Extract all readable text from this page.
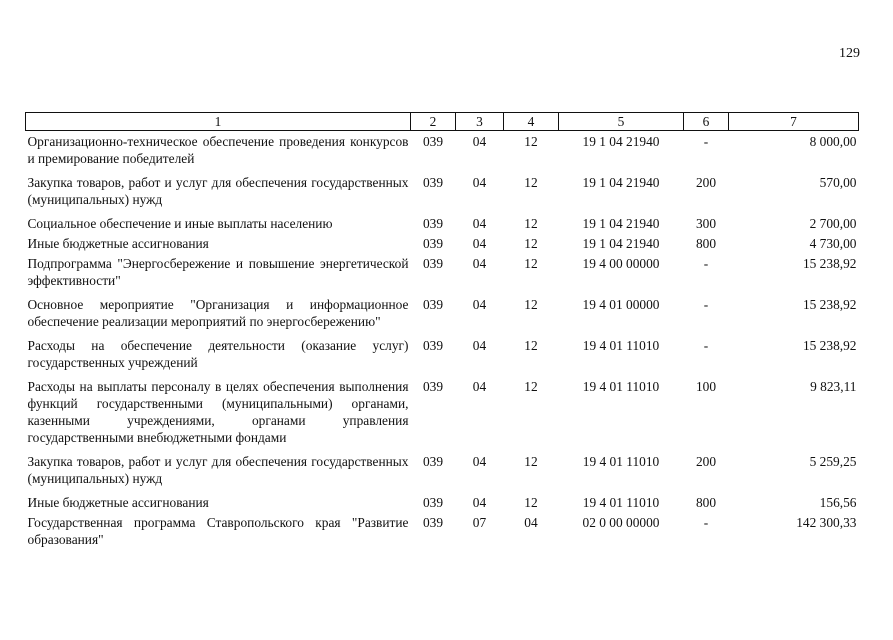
129
1	2	3	4	5	6	7
Организационно-техническое обеспечение проведения конкурсов и премирование победителей	039	04	12	19 1 04 21940	-	8 000,00
Закупка товаров, работ и услуг для обеспечения государственных (муниципальных) нужд	039	04	12	19 1 04 21940	200	570,00
Социальное обеспечение и иные выплаты населению	039	04	12	19 1 04 21940	300	2 700,00
Иные бюджетные ассигнования	039	04	12	19 1 04 21940	800	4 730,00
Подпрограмма "Энергосбережение и повышение энергетической эффективности"	039	04	12	19 4 00 00000	-	15 238,92
Основное мероприятие "Организация и информационное обеспечение реализации мероприятий по энергосбережению"	039	04	12	19 4 01 00000	-	15 238,92
Расходы на обеспечение деятельности (оказание услуг) государственных учреждений	039	04	12	19 4 01 11010	-	15 238,92
Расходы на выплаты персоналу в целях обеспечения выполнения функций государственными (муниципальными) органами, казенными учреждениями, органами управления государственными внебюджетными фондами	039	04	12	19 4 01 11010	100	9 823,11
Закупка товаров, работ и услуг для обеспечения государственных (муниципальных) нужд	039	04	12	19 4 01 11010	200	5 259,25
Иные бюджетные ассигнования	039	04	12	19 4 01 11010	800	156,56
Государственная программа Ставропольского края "Развитие образования"	039	07	04	02 0 00 00000	-	142 300,33
